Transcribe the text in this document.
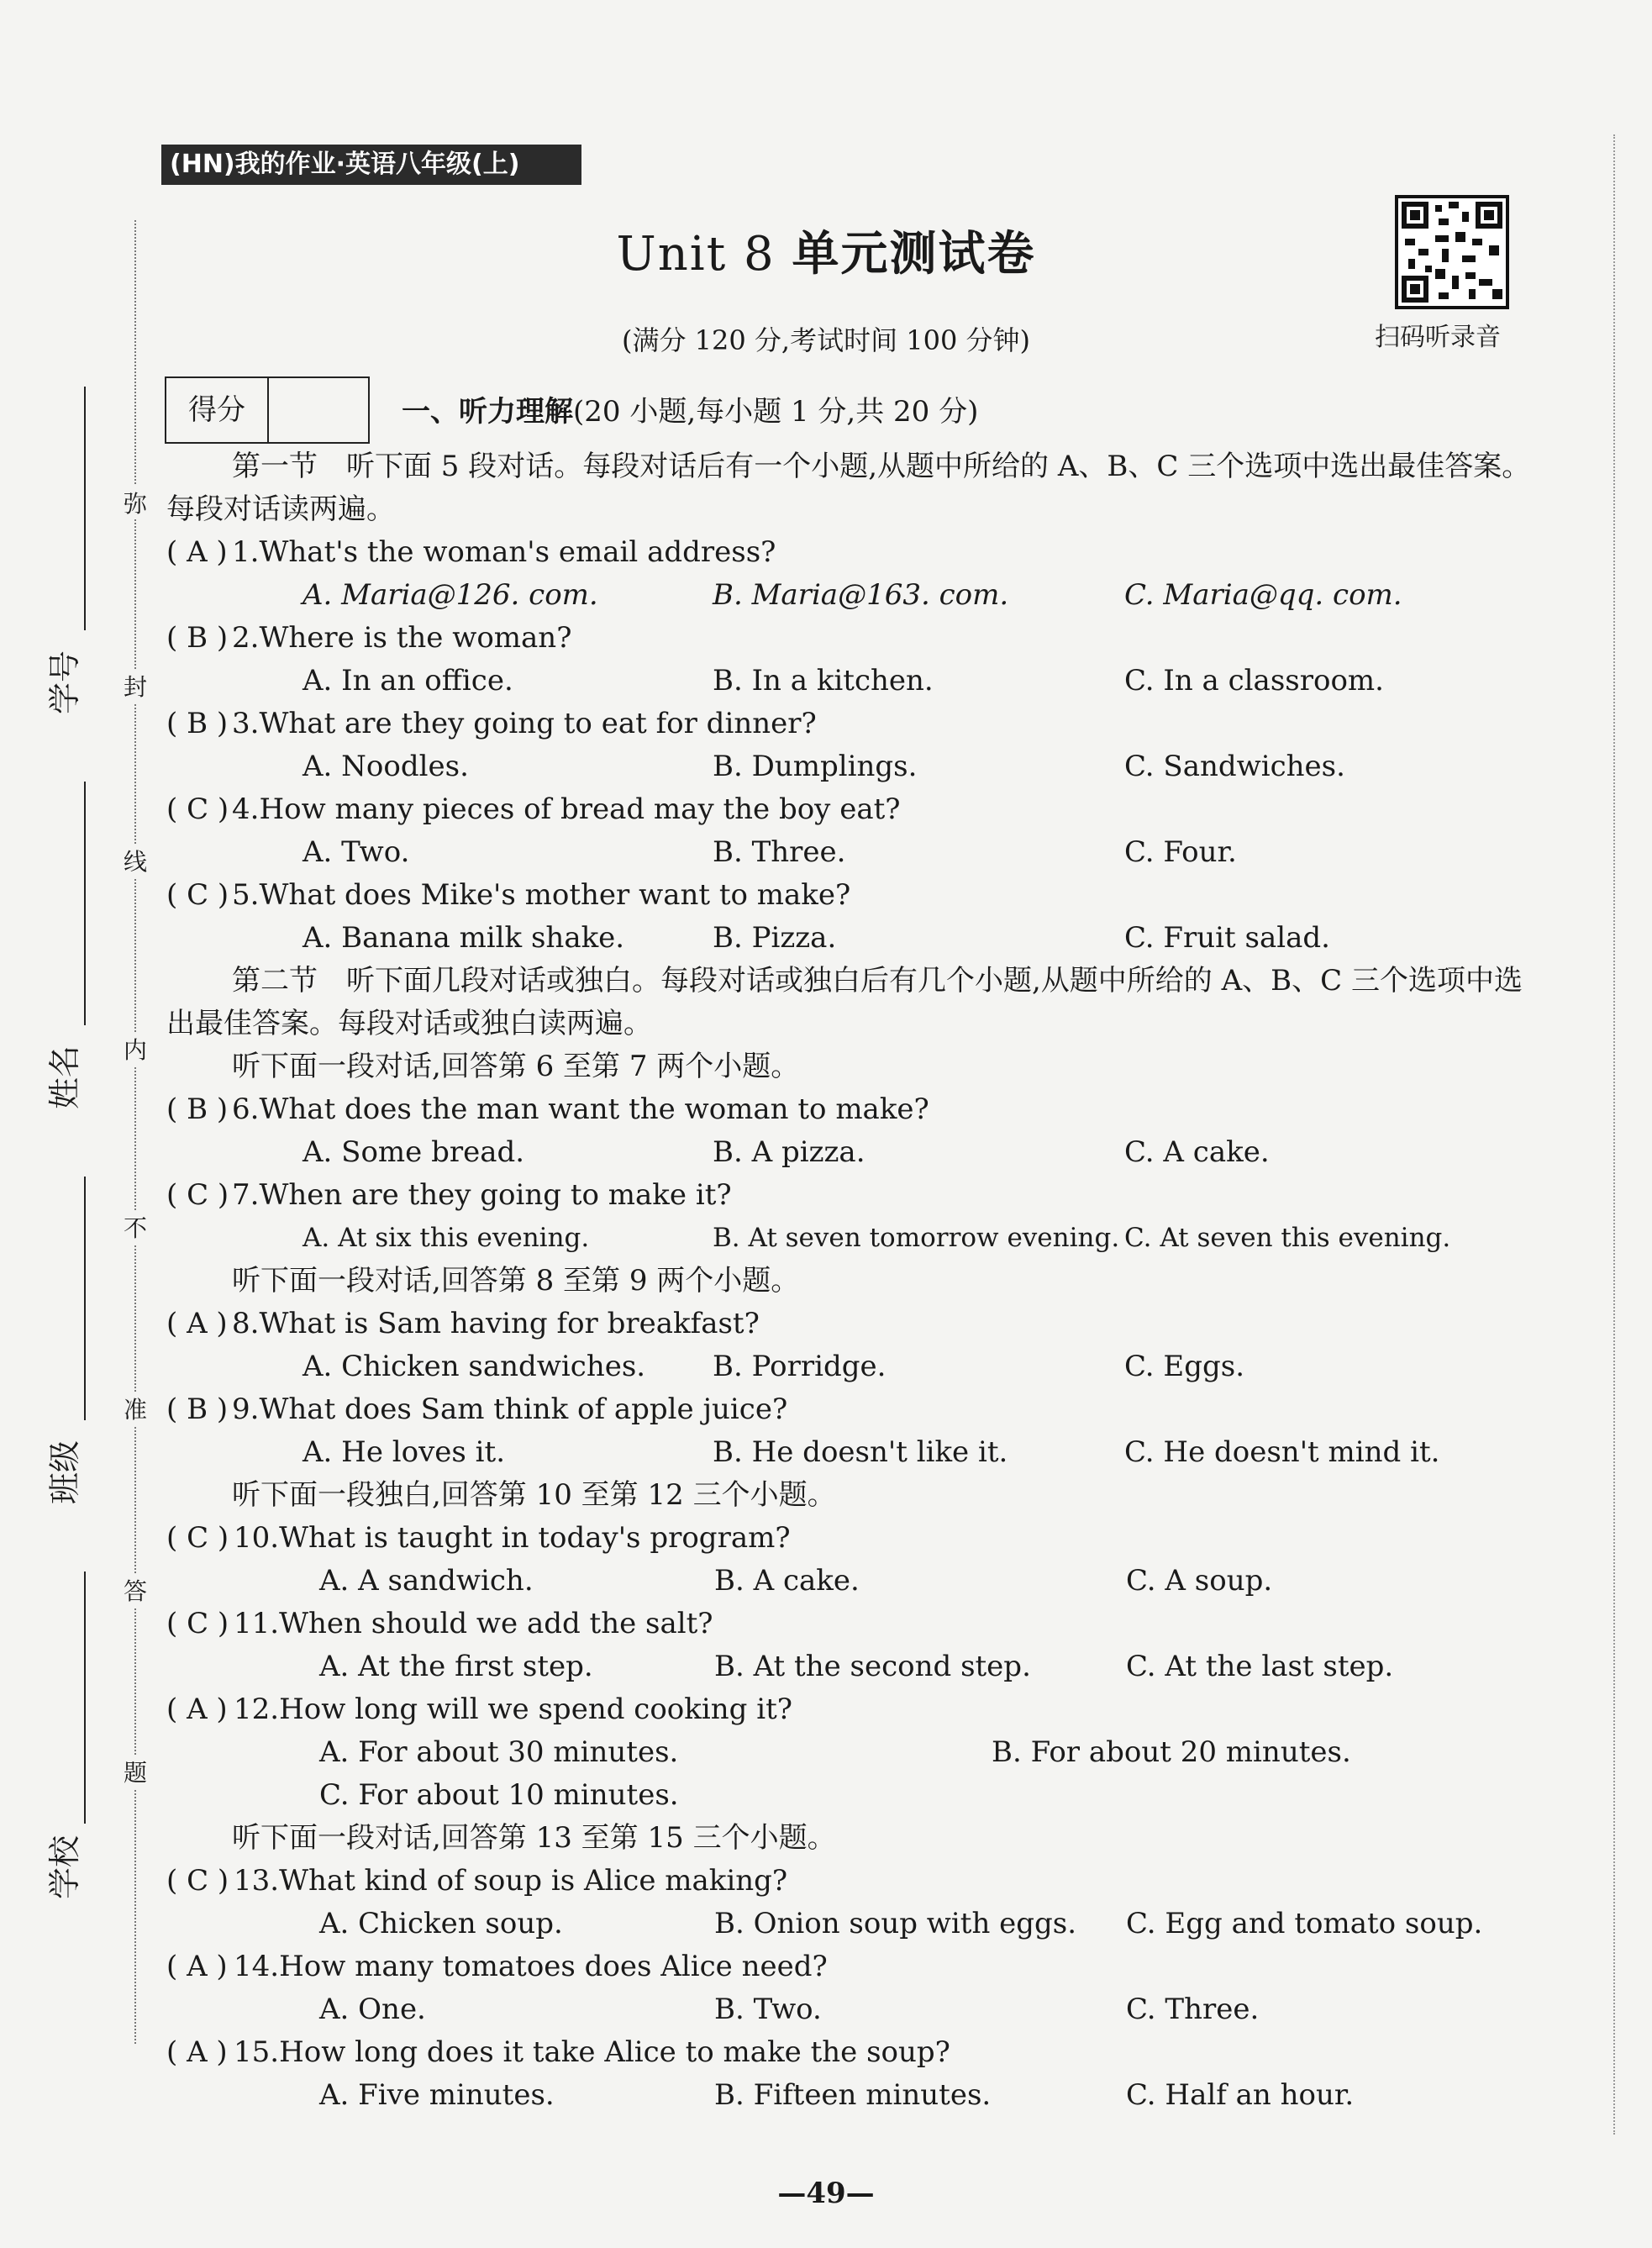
(HN)我的作业·英语八年级(上)
Unit 8 单元测试卷
(满分 120 分,考试时间 100 分钟)	扫码听录音
得分	一、听力理解(20 小题,每小题 1 分,共 20 分)
弥
封
线
内
不
准
答
题
学号
姓名
班级
学校
第一节　听下面 5 段对话。每段对话后有一个小题,从题中所给的 A、B、C 三个选项中选出最佳答案。每段对话读两遍。
( A ) 1.What's the woman's email address?
A. Maria@126. com.	B. Maria@163. com.	C. Maria@qq. com.
( B ) 2.Where is the woman?
A. In an office.	B. In a kitchen.	C. In a classroom.
( B ) 3.What are they going to eat for dinner?
A. Noodles.	B. Dumplings.	C. Sandwiches.
( C ) 4.How many pieces of bread may the boy eat?
A. Two.	B. Three.	C. Four.
( C ) 5.What does Mike's mother want to make?
A. Banana milk shake.	B. Pizza.	C. Fruit salad.
第二节　听下面几段对话或独白。每段对话或独白后有几个小题,从题中所给的 A、B、C 三个选项中选出最佳答案。每段对话或独白读两遍。
听下面一段对话,回答第 6 至第 7 两个小题。
( B ) 6.What does the man want the woman to make?
A. Some bread.	B. A pizza.	C. A cake.
( C ) 7.When are they going to make it?
A. At six this evening.	B. At seven tomorrow evening. C. At seven this evening.
听下面一段对话,回答第 8 至第 9 两个小题。
( A ) 8.What is Sam having for breakfast?
A. Chicken sandwiches. B. Porridge.	C. Eggs.
( B ) 9.What does Sam think of apple juice?
A. He loves it.	B. He doesn't like it.	C. He doesn't mind it.
听下面一段独白,回答第 10 至第 12 三个小题。
( C ) 10.What is taught in today's program?
A. A sandwich.	B. A cake.	C. A soup.
( C ) 11.When should we add the salt?
A. At the first step.	B. At the second step.	C. At the last step.
( A ) 12.How long will we spend cooking it?
A. For about 30 minutes.	B. For about 20 minutes.
C. For about 10 minutes.
听下面一段对话,回答第 13 至第 15 三个小题。
( C ) 13.What kind of soup is Alice making?
A. Chicken soup.	B. Onion soup with eggs. C. Egg and tomato soup.
( A ) 14.How many tomatoes does Alice need?
A. One.	B. Two.	C. Three.
( A ) 15.How long does it take Alice to make the soup?
A. Five minutes.	B. Fifteen minutes.	C. Half an hour.
—49—
